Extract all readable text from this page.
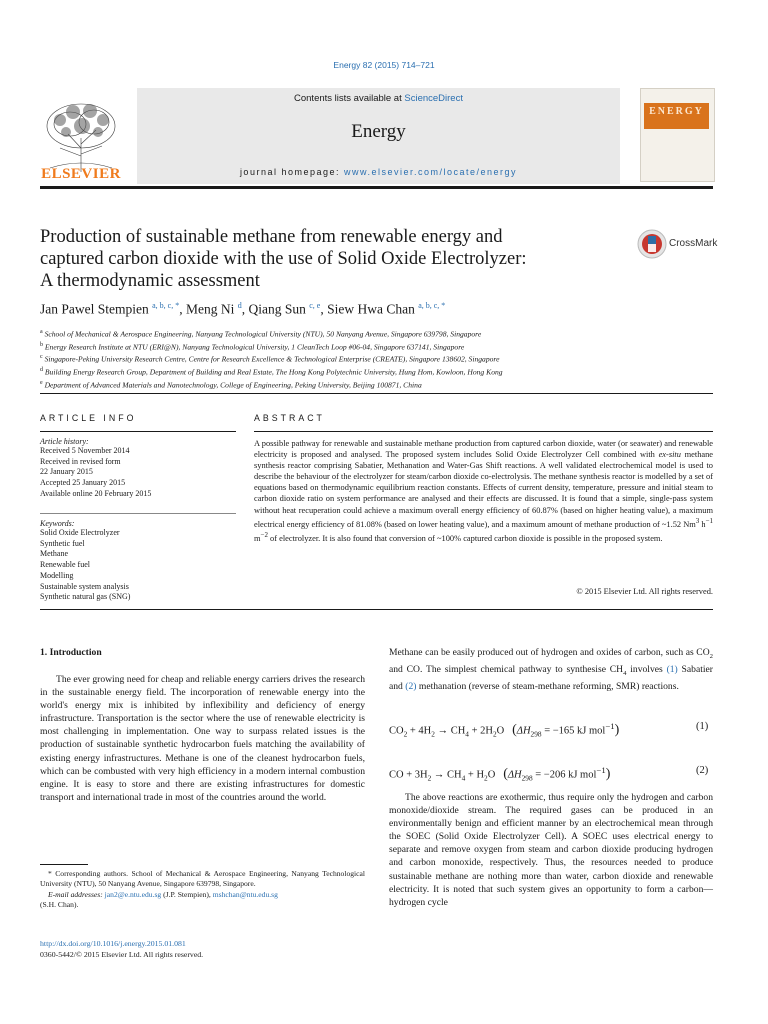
Energy 82 (2015) 714–721
ELSEVIER
Contents lists available at ScienceDirect
Energy
journal homepage: www.elsevier.com/locate/energy
ENERGY
Production of sustainable methane from renewable energy and
captured carbon dioxide with the use of Solid Oxide Electrolyzer:
A thermodynamic assessment
CrossMark
Jan Pawel Stempien $^{a, b, c, *}$, Meng Ni $^d$, Qiang Sun $^{c, e}$, Siew Hwa Chan $^{a, b, c, *}$
$^a$ School of Mechanical & Aerospace Engineering, Nanyang Technological University (NTU), 50 Nanyang Avenue, Singapore 639798, Singapore
$^b$ Energy Research Institute at NTU (ERI@N), Nanyang Technological University, 1 CleanTech Loop #06-04, Singapore 637141, Singapore
$^c$ Singapore-Peking University Research Centre, Centre for Research Excellence & Technological Enterprise (CREATE), Singapore 138602, Singapore
$^d$ Building Energy Research Group, Department of Building and Real Estate, The Hong Kong Polytechnic University, Hung Hom, Kowloon, Hong Kong
$^e$ Department of Advanced Materials and Nanotechnology, College of Engineering, Peking University, Beijing 100871, China
ARTICLE INFO
Article history:
Received 5 November 2014
Received in revised form
22 January 2015
Accepted 25 January 2015
Available online 20 February 2015
Keywords:
Solid Oxide Electrolyzer
Synthetic fuel
Methane
Renewable fuel
Modelling
Sustainable system analysis
Synthetic natural gas (SNG)
ABSTRACT
A possible pathway for renewable and sustainable methane production from captured carbon dioxide, water (or seawater) and renewable electricity is proposed and analysed. The proposed system includes Solid Oxide Electrolyzer Cell combined with ex-situ methane synthesis reactor comprising Sabatier, Methanation and Water-Gas Shift reactions. A well validated electrochemical model is used to describe the behaviour of the electrolyzer for steam/carbon dioxide co-electrolysis. The methane synthesis reactor is modelled by a set of equations based on thermodynamic equilibrium reaction constants. Effects of current density, temperature, pressure and initial steam to carbon dioxide ratio on system performance are analysed and their effects are discussed. It is found that a simple, single-pass system without heat recuperation could achieve a maximum overall energy efficiency of 60.87% (based on higher heating value), a maximum electrical energy efficiency of 81.08% (based on lower heating value), and a maximum amount of methane production of ~1.52 Nm$^3$ $h^{-1}$ $m^{-2}$ of electrolyzer. It is also found that conversion of ~100% captured carbon dioxide is possible in the proposed system.
© 2015 Elsevier Ltd. All rights reserved.
1. Introduction
The ever growing need for cheap and reliable energy carriers drives the research in the sustainable energy field. The incorporation of renewable energy into the world's energy mix is inhibited by inflexibility and deficiency of energy infrastructure. Transportation is the sector where the use of renewable electricity is most challenging in implementation. One way to surpass related issues is the production of sustainable synthetic hydrocarbon fuels matching the availability of existing energy infrastructures. Methane is one of the cleanest hydrocarbon fuels, which can be combusted with very high efficiency in a modern internal combustion engine. It is easy to store and there are existing infrastructures for domestic transport and international trade in most of the countries around the world.
Methane can be easily produced out of hydrogen and oxides of carbon, such as $CO_2$ and CO. The simplest chemical pathway to synthesise $CH_4$ involves (1) Sabatier and (2) methanation (reverse of steam-methane reforming, SMR) reactions.
$CO_2 + 4H_2 \to CH_4 + 2H_2O$   ($\Delta H_{298} = -165$ kJ mol$^{-1}$)	(1)
CO + $3H_2 \to CH_4 + H_2O$   ($\Delta H_{298} = -206$ kJ mol$^{-1}$)	(2)
The above reactions are exothermic, thus require only the hydrogen and carbon monoxide/dioxide stream. The required gases can be produced in an environmentally benign and efficient manner by an electrochemical mean through the SOEC (Solid Oxide Electrolyzer Cell). A SOEC uses electrical energy to separate and remove oxygen from steam and carbon dioxide producing hydrogen and carbon monoxide, respectively. Thus, the resources needed to produce sustainable methane are nothing more than water, carbon dioxide and renewable electricity. It is noted that such system gives an opportunity to form a carbon—hydrogen cycle
* Corresponding authors. School of Mechanical & Aerospace Engineering, Nanyang Technological University (NTU), 50 Nanyang Avenue, Singapore 639798, Singapore.
E-mail addresses: jan2@e.ntu.edu.sg (J.P. Stempien), mshchan@ntu.edu.sg
(S.H. Chan).
http://dx.doi.org/10.1016/j.energy.2015.01.081
0360-5442/© 2015 Elsevier Ltd. All rights reserved.
